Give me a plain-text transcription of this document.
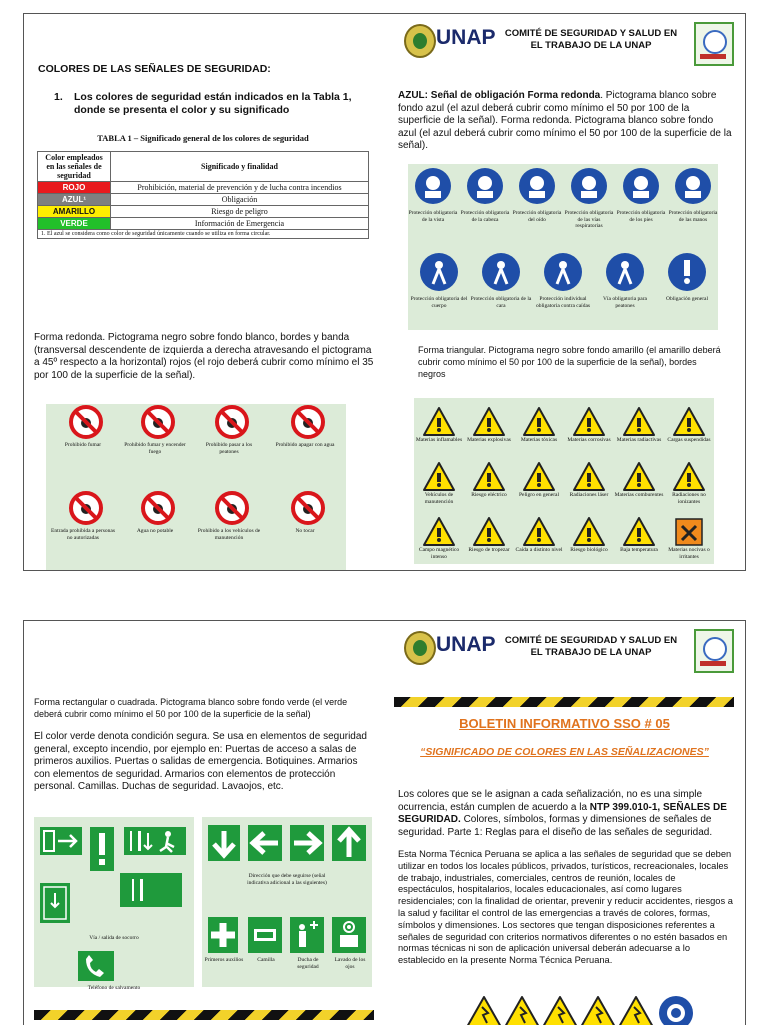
COLORES DE LAS SEÑALES DE SEGURIDAD:
1. Los colores de seguridad están indicados en la Tabla 1, donde se presenta el color y su significado
TABLA 1 – Significado general de los colores de seguridad
Color empleados en las señales de seguridad	Significado y finalidad
ROJO	Prohibición, material de prevención y de lucha contra incendios
AZUL¹	Obligación
AMARILLO	Riesgo de peligro
VERDE	Información de Emergencia
1. El azul se considera como color de seguridad únicamente cuando se utiliza en forma circular.	
Forma redonda. Pictograma negro sobre fondo blanco, bordes y banda (transversal descendente de izquierda a derecha atravesando el pictograma a 45º respecto a la horizontal) rojos (el rojo deberá cubrir como mínimo el 35 por 100 de la superficie de la señal).
Prohibido fumar	Prohibido fumar y encender fuego
Prohibido pasar a los peatones
Prohibido apagar con agua
Entrada prohibida a personas no autorizadas
Agua no potable	Prohibido a los vehículos de manutención
No tocar
UNAP COMITÉ DE SEGURIDAD Y SALUD EN
EL TRABAJO DE LA UNAP
AZUL: Señal de obligación Forma redonda. Pictograma blanco sobre fondo azul (el azul deberá cubrir como mínimo el 50 por 100 de la superficie de la señal). Forma redonda. Pictograma blanco sobre fondo azul (el azul deberá cubrir como mínimo el 50 por 100 de la superficie de la señal).
Protección obligatoria de la vista
Protección obligatoria de la cabeza
Protección obligatoria del oído
Protección obligatoria de las vías respiratorias
Protección obligatoria de los pies
Protección obligatoria de las manos
Protección obligatoria del cuerpo
Protección obligatoria de la cara
Protección individual obligatoria contra caídas
Vía obligatoria para peatones
Obligación general
Forma triangular. Pictograma negro sobre fondo amarillo (el amarillo deberá cubrir como mínimo el 50 por 100 de la superficie de la señal), bordes negros
Materias inflamables Materias explosivas	Materias tóxicas	Materias corrosivas	Materias radiactivas	Cargas suspendidas
Vehículos de manutención
Riesgo eléctrico	Peligro en general	Radiaciones láser	Materias comburentes	Radiaciones no ionizantes
Campo magnético intenso
Riesgo de tropezar	Caída a distinto nivel	Riesgo biológico	Baja temperatura	Materias nocivas o irritantes
Forma rectangular o cuadrada. Pictograma blanco sobre fondo verde (el verde deberá cubrir como mínimo el 50 por 100 de la superficie de la señal)
El color verde denota condición segura. Se usa en elementos de seguridad general, excepto incendio, por ejemplo en: Puertas de acceso a salas de primeros auxilios. Puertas o salidas de emergencia. Botiquines. Armarios con elementos de seguridad. Armarios con elementos de protección personal. Camillas. Duchas de seguridad. Lavaojos, etc.
Vía / salida de socorro
Teléfono de salvamento
Dirección que debe seguirse (señal indicativa adicional a las siguientes)
Primeros auxilios	Camilla	Ducha de seguridad
Lavado de los ojos
UNAP COMITÉ DE SEGURIDAD Y SALUD EN
EL TRABAJO DE LA UNAP
BOLETIN INFORMATIVO SSO # 05
“SIGNIFICADO DE COLORES EN LAS SEÑALIZACIONES”
Los colores que se le asignan a cada señalización, no es una simple ocurrencia, están cumplen de acuerdo a la NTP 399.010-1, SEÑALES DE SEGURIDAD. Colores, símbolos, formas y dimensiones de señales de seguridad. Parte 1: Reglas para el diseño de las señales de seguridad.
Esta Norma Técnica Peruana se aplica a las señales de seguridad que se deben utilizar en todos los locales públicos, privados, turísticos, recreacionales, locales de trabajo, industriales, comerciales, centros de reunión, locales de espectáculos, hospitalarios, locales educacionales, así como lugares residenciales; con la finalidad de orientar, prevenir y reducir accidentes, riesgos a la salud y facilitar el control de las emergencias a través de colores, formas, símbolos y dimensiones. Los sectores que tengan disposiciones referentes a señales de seguridad con criterios normativos diferentes o no estén basados en normas técnicas ni son de aplicación universal deberán adecuarse a lo establecido en la presente Norma Técnica Peruana.
